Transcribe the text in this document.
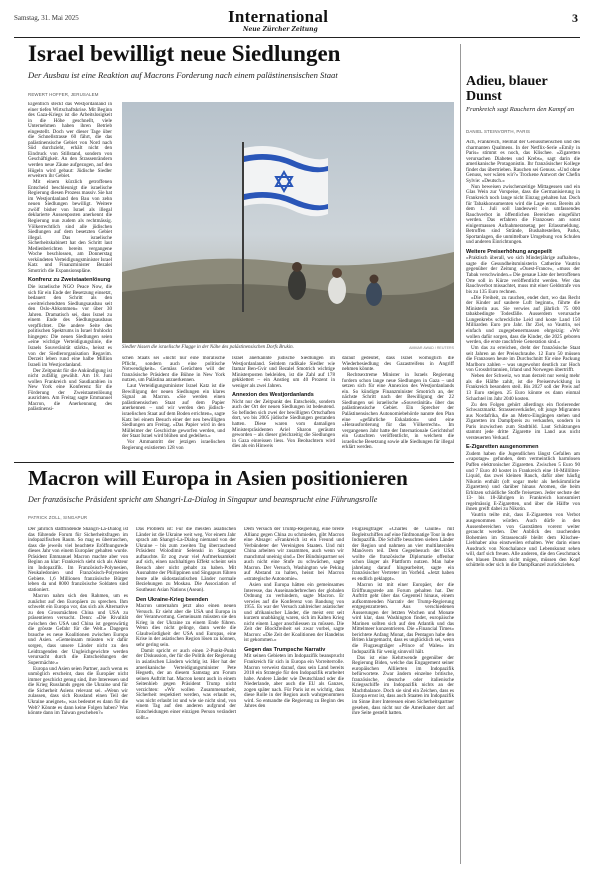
Samstag, 31. Mai 2025	International
Neue Zürcher Zeitung
3
Israel bewilligt neue Siedlungen
Der Ausbau ist eine Reaktion auf Macrons Forderung nach einem palästinensischen Staat
REWERT HOFFER, JERUSALEM

Eigentlich steckt das Westjordanland in einer tiefen Wirtschaftskrise. Mit Beginn des Gaza-Kriegs ist die Arbeitslosigkeit in die Höhe geschnellt, viele Unternehmen haben ihren Betrieb eingestellt. Doch wer dieser Tage über die Schnellstrasse 60 fährt, die das palästinensische Gebiet von Nord nach Süd durchzieht, erhält nicht den Eindruck von Stillstand, sondern von Geschäftigkeit. An den Strassenrändern werden neue Zäune aufgezogen, auf den Hügeln wird gebaut: Jüdische Siedler erweitern ihr Gebiet.

Mit einem kürzlich getroffenen Entscheid beschleunigt die israelische Regierung diesen Prozess massiv. Sie hat im Westjordanland den Bau von zehn neuen Siedlungen bewilligt. Weitere zwölf bisher von Israel als illegal deklarierte Aussenposten anerkennt die Regierung nun zudem als rechtmässig. Völkerrechtlich sind alle jüdischen Siedlungen auf dem besetzten Gebiet illegal. Das israelische Sicherheitskabinett hat den Schritt laut Medienberichten bereits vergangene Woche beschlossen, am Donnerstag verkündeten Verteidigungsminister Israel Katz und Finanzminister Bezalel Smotrich die Expansionspläne.

Konfrenz zu Zweistaatenlösung

Die israelische NGO Peace Now, die sich für ein Ende der Besetzung einsetzt, bedauert den Schritt als den «weitreichendsten Siedlungsausbau seit den Oslo-Abkommen» vor über 30 Jahren. Dramatisch sei, dass Israel zu einem Ende des Siedlungsausbaus verpflichtet. Die andere Seite des politischen Spektrums in Israel frohlockt hingegen: Die neuen Siedlungen seien «eine wichtige Verteidigungslinie, die Israels Souveränität stärkt», heisst es von der Siedlerorganisation Regavim. Derzeit leben rund eine halbe Million Israeli im Westjordanland.

Der Zeitpunkt für die Ankündigung ist nicht zufällig gewählt. Am 18. Juni wollen Frankreich und Saudiarabien in New York eine Konferenz für die Förderung der Zweistaatenlösung ausrichten. Am Freitag sagte Emmanuel Macron, die Anerkennung des palästinensi-

Siedler hissen die israelische Flagge in der Nähe des palästinensischen Dorfs Brukin.	AMMAR AWAD / REUTERS

schen Staats sei «nicht nur eine moralische Pflicht, sondern auch eine politische Notwendigkeit». Gemäss Gerüchten will der französische Präsident die Bühne in New York nutzen, um Palästina anzuerkennen.

Laut Verteidigungsminister Israel Katz ist die Bewilligung der neuen Siedlungen ein klares Signal an Macron. «Sie werden einen palästinensischen Staat auf dem Papier anerkennen – und wir werden den jüdisch-israelischen Staat auf dem Boden errichten», sagte Katz bei einem Besuch einer der neu bewilligten Siedlungen am Freitag. «Das Papier wird in den Mülleimer der Geschichte geworfen werden, und der Staat Israel wird blühen und gedeihen.»

Vor Ammantritt der jetzigen israelischen Regierung existierten 128 von

Israel anerkannte jüdische Siedlungen im Westjordanland. Seitdem radikale Siedler wie Itamar Ben-Gvir und Bezalel Smotrich wichtige Ministerposten bekleiden, ist die Zahl auf 178 gekklettert – ein Anstieg um 40 Prozent in weniger als zwei Jahren.

Annexion des Westjordanlands

Nicht nur der Zeitpunkt des Entscheids, sondern auch der Ort der neuen Siedlungen ist bedeutend. So befinden sich zwei der bewilligten Ortschaften dort, wo bis 2005 jüdische Siedlungen gestanden hatten. Diese waren vom damaligen Ministerpräsidenten Ariel Sharon geräumt geworden – als dieser gleichzeitig die Siedlungen in Gaza einreissen liess. Von Beobachtern wird dies als ein Hinweis

darauf gedeutet, dass Israel womöglich die Wiederbesiedlung des Gazastreifens in Angriff nehmen könnte.

Rechtsextreme Minister in Israels Regierung fordern schon lange neue Siedlungen in Gaza – und setzen sich für eine Annexion des Westjordanlands ein. So kündigte Finanzminister Smotrich an, der nächste Schritt nach der Bewilligung der 22 Siedlungen sei israelische «Souveränität» über das palästinensische Gebiet. Ein Sprecher der Palästinensischen Autonomiebehörde nannte den Plan eine «gefährliche Eskalation» und eine «Herausforderung für das Völkerrecht». Im vergangenen Jahr hatte der Internationale Gerichtshof ein Gutachten veröffentlicht, in welchem die israelische Besetzung sowie alle Siedlungen für illegal erklärt werden.

Adieu, blauer Dunst
Frankreich sagt Rauchern den Kampf an
DANIEL STEINVORTH, PARIS

Ach, Frankreich, Heimat der Genussmenschen und des charmanten Qualmens. In der Netflix-Serie «Emily in Paris» stimmt es noch, das Klischee. «Zigaretten verursachen Diabetes und Krebs», sagt darin die amerikanische Protagonistin. Ihr französischer Kollege findet das übertrieben. Rauchen sei Genuss. «Und ohne Genuss, wer wären wir?» Trockene Antwort der Chefin Sylvie: «Deutsch.»

Nun beweisen zwischenzeitige Mittagessen und ein Glas Wein zur Vorspeise, dass die Germanisierung in Frankreich noch lange nicht Einzug gehalten hat. Doch für Tabakkonsumenten wird die Lage ernst. Bereits ab dem 1. Juli soll landesweit ein umfassendes Rauchverbot in öffentlichen Bereichen eingeführt werden. Das erfahren die Franzosen am sonst einigermassen Aufnahmeratsetag per Erlassmeldung. Betroffen sind Strände, Bushaltestellen, Parks, Sportanlagen, die unmittelbare Umgebung von Schulen und anderen Einrichtungen.

Weitere Preiserhöhung angepeilt

«Praktisch überall, wo sich Minderjährige aufhalten», sagte die Gesundheitsministerin Catherine Vautrin gegenüber der Zeitung «Ouest-France», «muss der Tabak verschwinden.» Die genaue Liste der betroffenen Orte soll in Kürze veröffentlicht werden. Wer das Rauchverbot missachtet, muss mit einer Geldstrafe von bis zu 135 Euro rechnen.

«Die Freiheit, zu rauchen, endet dort, wo das Recht der Kinder auf saubere Luft beginnt», führte die Ministerin aus. Sie verwies auf jährlich 75 000 tabakbedingte Todesfälle. Ausserdem verursache Lungenkrebs schreckliche Leid und koste Land 150 Milliarden Euro pro Jahr. Ihr Ziel, so Vautrin, sei einfach und zugegebenermassen ehrgeizig: «Wir wollen dafür sorgen, dass die Kinder, die 2025 geboren werden, die erste rauchfreie Generation sind.»

Um das zu erreichen, dreht der französische Staat seit Jahren an der Preisschraube. 12 Euro 50 müssen die Franzosen heute im Durchschnitt für eine Packung Marlboro zahlen – was ungewohnt deutlich zur Hoch von Grossbritannien, Irland und Norwegen übertrifft.

Neben der Schweiz, wo man derzeit nur wenig mehr als die Hälfte zahlt, ist die Preisentwicklung in Frankreich besonders steil. Bis 2027 soll der Preis auf 13 Euro steigen. 25 Euro könnte es dann einmal Schachtel im Jahr 2040 kosten.

Zu den Folgen gehört allerdings ein florierender Schwarzmarkt. Strassenverkäufer, oft junge Migranten aus Nordafrika, die an Metro-Eingängen stehen und Zigaretten im Dampfpreis zu verkaufen, sondern in Paris inzwischen zum Stadtbild. Laut Schätzungen stammt jede dritte Zigarette im Land aus nicht versteuerten Verkauf.

E-Zigaretten ausgenommen

Zudem haben die Jugendlichen längst Gefallen am «vapotage» gefunden, dem vermeintlich harmlosen Paffen elektronischer Zigaretten. Zwischen 5 Euro 90 und 7 Euro 40 kostet in Frankreich eine 10-Milliliter-Liquid, das zwei kleinen Rauch, dafür aber häufig Nikotin enthält (oft sogar mehr als herkömmliche Zigaretten) und darüber hinaus Aromen, die beim Erhitzen schädliche Stoffe freisetzen. Jeder sechste der 13- bis 18-Jährigen in Frankreich konsumiert regelmässig E-Zigaretten, und über die Hälfte von ihnen greift dabei zu Nikotin.

Vautrin teilte mit, dass E-Zigaretten von Verbot ausgenommen würden. Auch dürfe in den Aussenbereichen von Gaststätten vorerst weiter geraucht werden. Der Anblick des rauchenden Bohemien im Strassencafé bleibt dem Klischee-Liebhaber also einstweilen erhalten. Wer darin einen Ausdruck von Nonchalance und Lebenskunst sehen will, darf sich freuen. Alle anderen, die den Geschmack des blauen Dunsts nicht mögen, müssen den Kopf schütteln oder sich in die Dampfkanzel zurückziehen.

Macron will Europa in Asien positionieren
Der französische Präsident spricht am Shangri-La-Dialog in Singapur und beansprucht eine Führungsrolle
PATRICK ZOLL, SINGAPUR

Der jährlich stattfindende Shangri-La-Dialog ist das führende Forum für Sicherheitsfragen im indopazifischen Raum. So mag es überraschen, dass die jeweils viel beachtete Eröffnungsrede dieses Jahr von einem Europäer gehalten wurde. Präsident Emmanuel Macron machte aber von Beginn an klar: Frankreich sieht sich als Akteur im Indopazifik. Im Französisch-Polynesien, Neukaledonien und Französisch-Polynesien Gebiete. 1,6 Millionen französische Bürger leben da und 8000 französische Soldaten sind stationiert.

Macron nahm sich den Rahmen, um es zunächst auf den Europäern zu sprechen. Ihm schwebt ein Europa vor, das sich als Alternative zu den Grossmächten China und USA zu präsentieren versucht. Denn: «Die Rivalität zwischen den USA und China ist gegenwärtig die grösste Gefahr für die Welt.» Dagegen brauche es neue Koalitionen zwischen Europa und Asien. «Gemeinsam müssten wir dafür sorgen, dass unsere Länder nicht zu den Leidtragenden der Ungleichgewichte werden verursacht durch die Entscheidungen der Supermächte.»

Europa und Asien seien Partner, auch wenn es unmöglich erscheint, dass die Europäer nicht immer geschickt genug sind, ihre Interessen und die Krieg Russlands gegen die Ukraine und für die Sicherheit Asiens relevant sei. «Wenn wir zulassen, dass sich Russland einen Teil der Ukraine aneignet», was bedeutet es dann für die Welt? Könnte es dann keine Folgen haben? Was könnte dann im Taiwan geschehen?»

Das Problem ist: Für die meisten asiatischen Länder ist die Ukraine weit weg. Vor einem Jahr sprach am Shangri-La-Dialog niemand von der Ukraine – bis zum zweiten Tag überraschend Präsident Wolodimir Selenski in Singapur auftauchte. Er zog zwar viel Aufmerksamkeit auf sich, einen nachhaltigen Effekt scheint sein Besuch aber nicht gehabt zu haben. Mit Ausnahme der Philippinen und Singapurs führen heute alle südostasiatischen Länder normale Beziehungen zu Moskau. Die Association of Southeast Asian Nations (Asean).

Den Ukraine-Krieg beenden

Macron unternahm jetzt also einen neuen Versuch. Er sieht aber die USA und Europa in der Verantwortung. Gemeinsam müssten sie den Krieg in der Ukraine zu einem Ende führen. Wenn dies nicht gelinge, dann werde die Glaubwürdigkeit der USA und Europas, eine Krise in der asiatischen Region lösen zu können, sehr gering sein.

Damit spricht er auch einen 2-Punkt-Punkt der Diskussion, der für die Politik der Regierung in asiatischen Ländern wichtig ist. Hier hat der amerikanische Verteidigungsminister Pete Hegseth, der an diesem Samstag am Forum seinen Auftritt hat. Macron kennt auch in einem Seitenhieb gegen Präsident Trump nicht verzichten: «Wir wollen Zusammenarbeit, Sicherheit respektiert werden, was erlaubt es, was nicht erlaubt ist und wie sie nicht sind, von einem Tag auf den anderen aufgrund der Entscheidungen einer einzigen Person verändert sollt.»

Dem Versuch der Trump-Regierung, eine breite Allianz gegen China zu schmieden, gibt Macron eine Absage: «Frankreich ist ein Freund und Verbündeter der Vereinigten Staaten. Und mit China arbeiten wir zusammen, auch wenn wir manchmal uneinig sind.» Der Bündnispartner sei auch nicht eine Stufe zu schwächen, sagte Macron. Der Versuch, Washington wie Peking auf Abstand zu halten, heisst bei Macron «strategische Autonomie».

Asien und Europa hätten ein gemeinsames Interesse, das Auseinanderbrechen der globalen Ordnung zu verhindern, sagte Macron. Er verwies auf die Konferenz von Bandung von 1955. Es war der Versuch zahlreicher asiatischer und afrikanischer Länder, die meist erst seit kurzem unabhängig waren, sich im Kalten Krieg nicht einem Lager anschliessen zu müssen. Die Zeit der Blockfreiheit sei zwar vorbei, sagte Macron: «Die Zeit der Koalitionen der Handelns ist gekommen.»

Gegen das Trumpsche Narrativ

Mit seinen Gebieten im Indopazifik beansprucht Frankreich für sich in Europa ein Vorreiterrolle. Macron verweist darauf, dass sein Land bereits 2018 ein Strategie für den Indopazifik erarbeitet habe. Andere Länder wie Deutschland oder die Niederlande, aber auch die EU als Ganzes, zogen später nach. Für Paris ist es wichtig, dass diese Rolle in der Region auch wahrgenommen wird. So entsandte die Regierung zu Beginn des Jahres den

Flugzeugträger «Charles de Gaulle» mit Begleitschiffen auf eine fünfmonatige Tour in den Indopazifik. Die Schiffe besuchten sieben Länder der Region und nahmen an vier multilateralen Manövern teil. Dem Gegenbesuch der USA wollte die französische Diplomatie offenbar schon länger als Plattform nutzen. Man habe jahrelang darauf hingearbeitet, sagte ein französischer Vertreter im Vorfeld. «Jetzt haben es endlich geklappt».

Macron ist mit einer Europäer, der die Eröffnungsrede am Forum gehalten hat. Der Auftritt geht über das Gegenteil hinaus, einem aufkommenden Narrativ der Trump-Regierung entgegenzutreten. Aus verschiedenen Äusserungen der letzten Wochen und Monate wird klar, dass Washington findet, europäische Marinen sollten sich auf den Atlantik und das Mittelmeer konzentrieren. Die «Financial Times» berichtete Anfang Monat, das Pentagon habe den Briten klargemacht, dass es unglücklich sei, wenn die Flugzeugträger «Prince of Wales» im Indopazifik für wenig sinnvoll hält.

Das ist eine Kehrtwende gegenüber der Regierung Biden, welche das Engagement seiner europäischen Alliierten im Indopazifik befürwortete. Zwar ändern einzelne britische, französische, deutsche oder italienische Kriegsschiffe im Indopazifik nichts an der Machtbalance. Doch sie sind ein Zeichen, dass es Europa ernst ist, dass auch Staaten im Indopazifik im Sinne ihrer Interessen einen Sicherheitspartner gesehen, dass nicht nur die Amerikaner dort auf ihre Seite gestellt hatten.
